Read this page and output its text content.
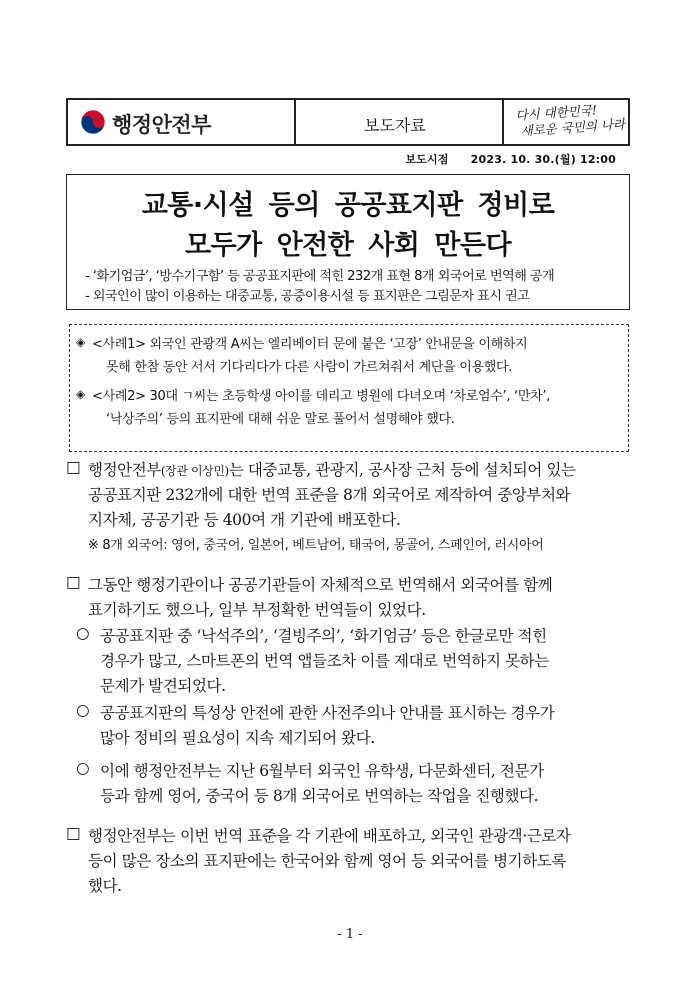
행정안전부	보도자료
다시 대한민국!
새로운 국민의 나라
보도시점 2023. 10. 30.(월) 12:00
교통·시설 등의 공공표지판 정비로
모두가 안전한 사회 만든다
- ‘화기엄금’, ‘방수기구함’ 등 공공표지판에 적힌 232개 표현 8개 외국어로 번역해 공개
- 외국인이 많이 이용하는 대중교통, 공중이용시설 등 표지판은 그림문자 표시 권고
◈ <사례1> 외국인 관광객 A씨는 엘리베이터 문에 붙은 ‘고장’ 안내문을 이해하지
못해 한참 동안 서서 기다리다가 다른 사람이 가르쳐줘서 계단을 이용했다.
◈ <사례2> 30대 ㄱ씨는 초등학생 아이를 데리고 병원에 다녀오며 ‘차로엄수’, ‘만차’,
‘낙상주의’ 등의 표지판에 대해 쉬운 말로 풀어서 설명해야 했다.
□ 행정안전부(장관 이상민)는 대중교통, 관광지, 공사장 근처 등에 설치되어 있는
공공표지판 232개에 대한 번역 표준을 8개 외국어로 제작하여 중앙부처와
지자체, 공공기관 등 400여 개 기관에 배포한다.
※ 8개 외국어: 영어, 중국어, 일본어, 베트남어, 태국어, 몽골어, 스페인어, 러시아어
□ 그동안 행정기관이나 공공기관들이 자체적으로 번역해서 외국어를 함께
표기하기도 했으나, 일부 부정확한 번역들이 있었다.
○ 공공표지판 중 ‘낙석주의’, ‘결빙주의’, ‘화기엄금’ 등은 한글로만 적힌
경우가 많고, 스마트폰의 번역 앱들조차 이를 제대로 번역하지 못하는
문제가 발견되었다.
○ 공공표지판의 특성상 안전에 관한 사전주의나 안내를 표시하는 경우가
많아 정비의 필요성이 지속 제기되어 왔다.
○ 이에 행정안전부는 지난 6월부터 외국인 유학생, 다문화센터, 전문가
등과 함께 영어, 중국어 등 8개 외국어로 번역하는 작업을 진행했다.
□ 행정안전부는 이번 번역 표준을 각 기관에 배포하고, 외국인 관광객·근로자
등이 많은 장소의 표지판에는 한국어와 함께 영어 등 외국어를 병기하도록
했다.
- 1 -
